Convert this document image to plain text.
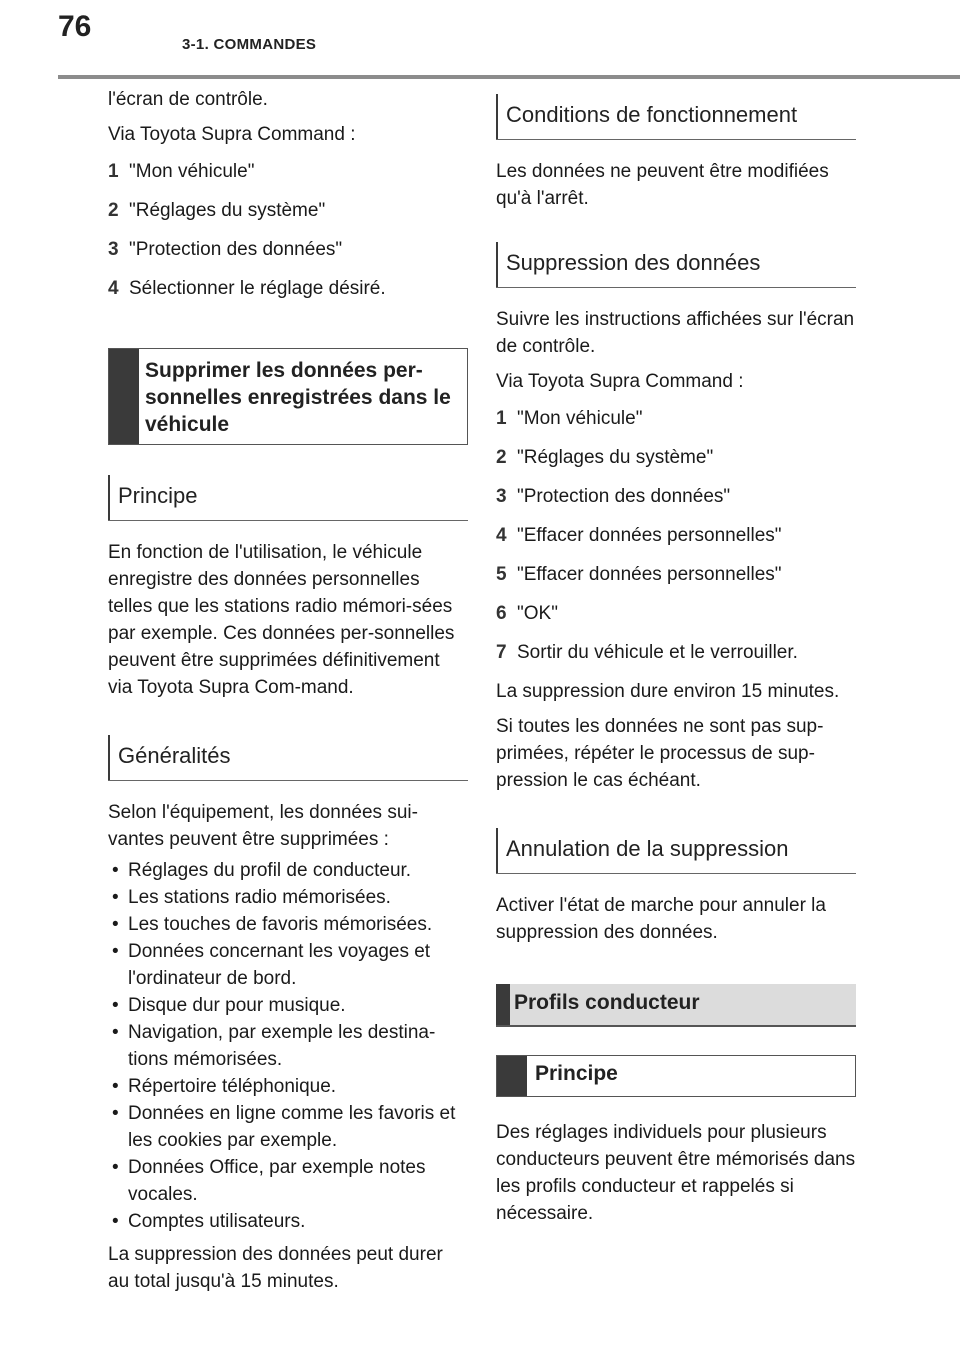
76
3-1. COMMANDES

l'écran de contrôle.

Via Toyota Supra Command :

1 "Mon véhicule"
2 "Réglages du système"
3 "Protection des données"
4 Sélectionner le réglage désiré.
Supprimer les données per-sonnelles enregistrées dans le véhicule
Principe

En fonction de l'utilisation, le véhicule enregistre des données personnelles telles que les stations radio mémori-sées par exemple. Ces données per-sonnelles peuvent être supprimées définitivement via Toyota Supra Com-mand.

Généralités

Selon l'équipement, les données sui-vantes peuvent être supprimées :

• Réglages du profil de conducteur.
• Les stations radio mémorisées.
• Les touches de favoris mémorisées.
• Données concernant les voyages et l'ordinateur de bord.
• Disque dur pour musique.
• Navigation, par exemple les destina-tions mémorisées.
• Répertoire téléphonique.
• Données en ligne comme les favoris et les cookies par exemple.
• Données Office, par exemple notes vocales.
• Comptes utilisateurs.

La suppression des données peut durer au total jusqu'à 15 minutes.

Conditions de fonctionnement

Les données ne peuvent être modifiées qu'à l'arrêt.

Suppression des données

Suivre les instructions affichées sur l'écran de contrôle.

Via Toyota Supra Command :

1 "Mon véhicule"
2 "Réglages du système"
3 "Protection des données"
4 "Effacer données personnelles"
5 "Effacer données personnelles"
6 "OK"
7 Sortir du véhicule et le verrouiller.

La suppression dure environ 15 minutes.

Si toutes les données ne sont pas sup-primées, répéter le processus de sup-pression le cas échéant.

Annulation de la suppression

Activer l'état de marche pour annuler la suppression des données.

Profils conducteur
Principe

Des réglages individuels pour plusieurs conducteurs peuvent être mémorisés dans les profils conducteur et rappelés si nécessaire.
